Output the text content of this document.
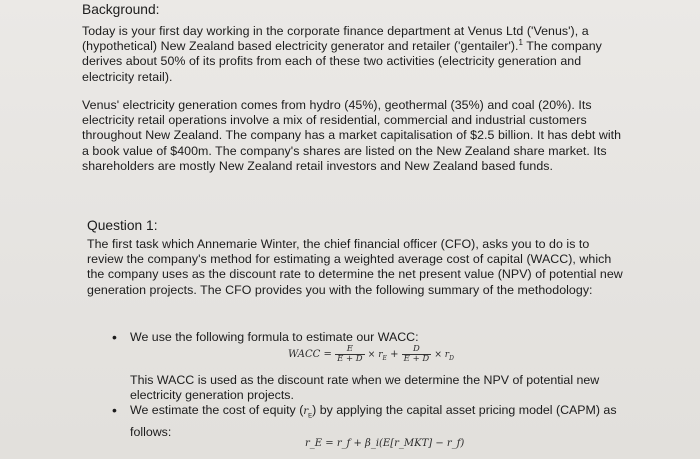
Background:
Today is your first day working in the corporate finance department at Venus Ltd ('Venus'), a (hypothetical) New Zealand based electricity generator and retailer ('gentailer').$^1$ The company derives about 50% of its profits from each of these two activities (electricity generation and electricity retail).
Venus' electricity generation comes from hydro (45%), geothermal (35%) and coal (20%). Its electricity retail operations involve a mix of residential, commercial and industrial customers throughout New Zealand. The company has a market capitalisation of $2.5 billion. It has debt with a book value of $400m. The company's shares are listed on the New Zealand share market. Its shareholders are mostly New Zealand retail investors and New Zealand based funds.
Question 1:
The first task which Annemarie Winter, the chief financial officer (CFO), asks you to do is to review the company's method for estimating a weighted average cost of capital (WACC), which the company uses as the discount rate to determine the net present value (NPV) of potential new generation projects. The CFO provides you with the following summary of the methodology:
• We use the following formula to estimate our WACC:
WACC = $\frac{E}{E + D} \times r_E + \frac{D}{E + D} \times r_D$
This WACC is used as the discount rate when we determine the NPV of potential new electricity generation projects.
• We estimate the cost of equity $(r_E)$ by applying the capital asset pricing model (CAPM) as follows:
r_E = r_f + β_i(E[r_MKT] − r_f)
